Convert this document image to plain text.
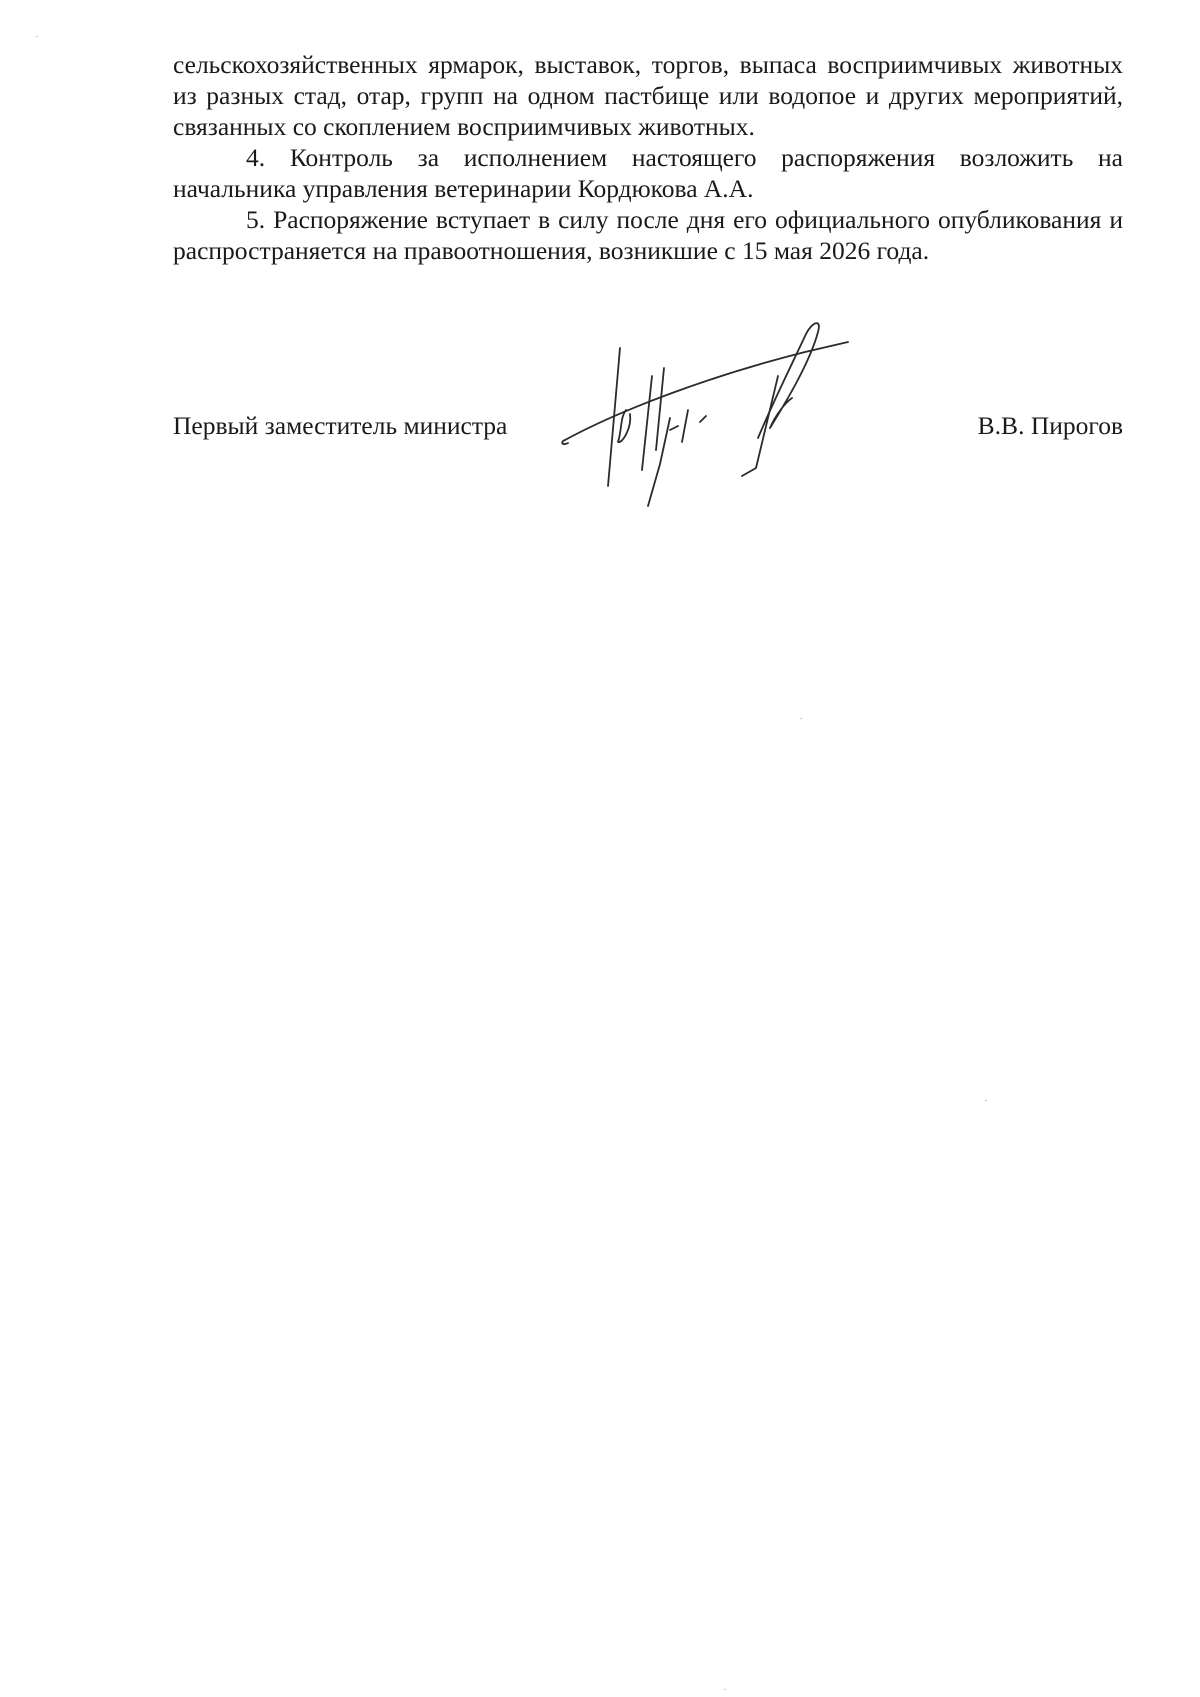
сельскохозяйственных ярмарок, выставок, торгов, выпаса восприимчивых животных из разных стад, отар, групп на одном пастбище или водопое и других мероприятий, связанных со скоплением восприимчивых животных.

4. Контроль за исполнением настоящего распоряжения возложить на начальника управления ветеринарии Кордюкова А.А.

5. Распоряжение вступает в силу после дня его официального опубликования и распространяется на правоотношения, возникшие с 15 мая 2026 года.

Первый заместитель министра	В.В. Пирогов
